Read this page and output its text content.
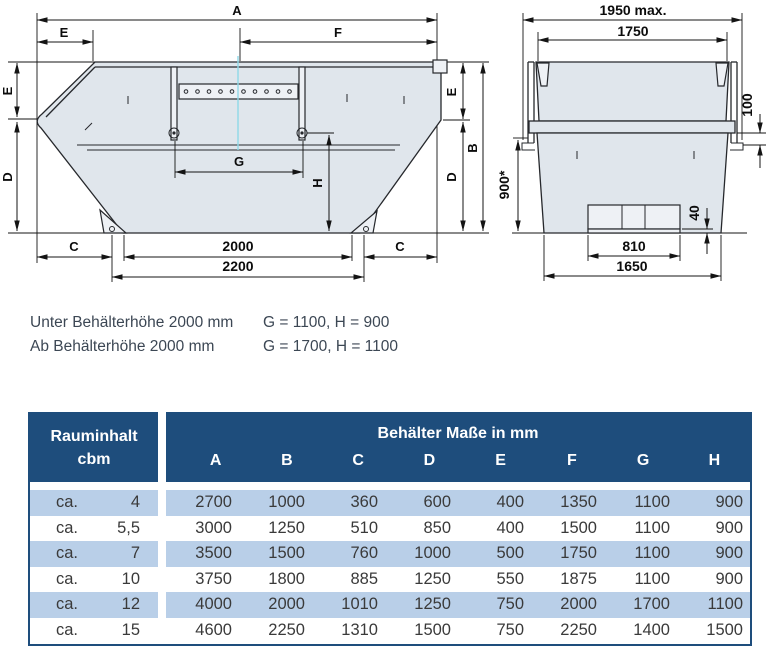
A
E	F
E
D
E
D
B
C	2000	C
2200
G
H
1950 max.
1750
900*
100
40
810
1650
Unter Behälterhöhe 2000 mm G = 1100, H = 900
Ab Behälterhöhe 2000 mm	G = 1700, H = 1100
Rauminhalt
cbm
Behälter Maße in mm
A	B	C	D	E	F	G	H
ca.	4	2700	1000	360	600	400	1350	1100	900
ca.	5,5	3000	1250	510	850	400	1500	1100	900
ca.	7	3500	1500	760	1000	500	1750	1100	900
ca.	10	3750	1800	885	1250	550	1875	1100	900
ca.	12	4000	2000	1010	1250	750	2000	1700	1100
ca.	15	4600	2250	1310	1500	750	2250	1400	1500
